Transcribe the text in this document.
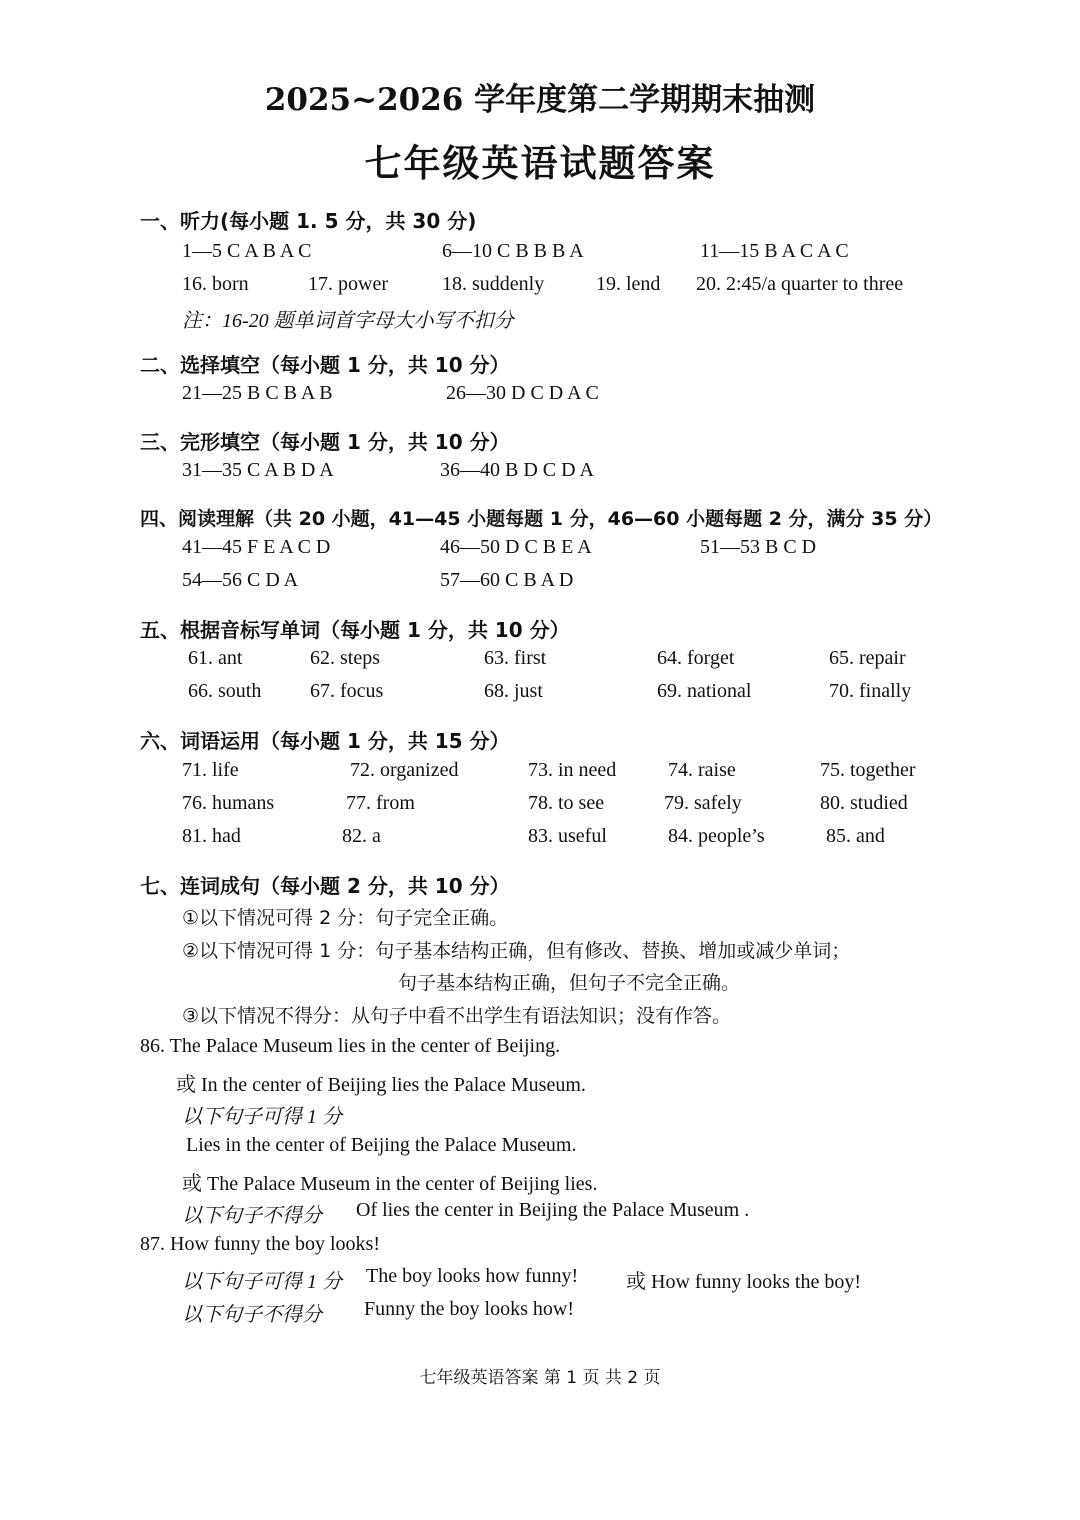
2025~2026 学年度第二学期期末抽测
七年级英语试题答案
一、听力(每小题 1. 5 分，共 30 分)
1—5 C A B A C	6—10 C B B B A	11—15 B A C A C
16. born	17. power	18. suddenly	19. lend 20. 2:45/a quarter to three
注：16-20 题单词首字母大小写不扣分
二、选择填空（每小题 1 分，共 10 分）
21—25 B C B A B	26—30 D C D A C
三、完形填空（每小题 1 分，共 10 分）
31—35 C A B D A	36—40 B D C D A
四、阅读理解（共 20 小题，41—45 小题每题 1 分，46—60 小题每题 2 分，满分 35 分）
41—45 F E A C D	46—50 D C B E A	51—53 B C D
54—56 C D A	57—60 C B A D
五、根据音标写单词（每小题 1 分，共 10 分）
61. ant	62. steps	63. first	64. forget	65. repair
66. south 67. focus	68. just	69. national	70. finally
六、词语运用（每小题 1 分，共 15 分）
71. life	72. organized	73. in need	74. raise	75. together
76. humans	77. from	78. to see	79. safely	80. studied
81. had	82. a	83. useful	84. people’s	85. and
七、连词成句（每小题 2 分，共 10 分）
①以下情况可得 2 分：句子完全正确。
②以下情况可得 1 分：句子基本结构正确，但有修改、替换、增加或减少单词；
句子基本结构正确，但句子不完全正确。
③以下情况不得分：从句子中看不出学生有语法知识；没有作答。
86. The Palace Museum lies in the center of Beijing.
或 In the center of Beijing lies the Palace Museum.
以下句子可得 1 分
Lies in the center of Beijing the Palace Museum.
或 The Palace Museum in the center of Beijing lies.
以下句子不得分 Of lies the center in Beijing the Palace Museum .
87. How funny the boy looks!
以下句子可得 1 分 The boy looks how funny! 或 How funny looks the boy!
以下句子不得分 Funny the boy looks how!
七年级英语答案 第 1 页 共 2 页
